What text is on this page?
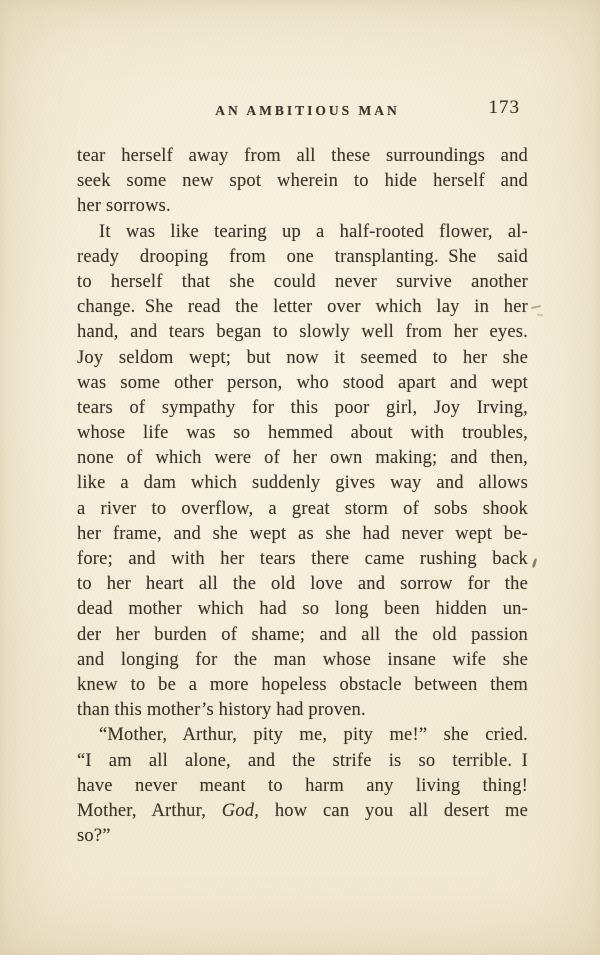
AN AMBITIOUS MAN	173
tear herself away from all these surroundings and
seek some new spot wherein to hide herself and
her sorrows.
It was like tearing up a half-rooted flower, al-
ready drooping from one transplanting. She said
to herself that she could never survive another
change. She read the letter over which lay in her
hand, and tears began to slowly well from her eyes.
Joy seldom wept; but now it seemed to her she
was some other person, who stood apart and wept
tears of sympathy for this poor girl, Joy Irving,
whose life was so hemmed about with troubles,
none of which were of her own making; and then,
like a dam which suddenly gives way and allows
a river to overflow, a great storm of sobs shook
her frame, and she wept as she had never wept be-
fore; and with her tears there came rushing back
to her heart all the old love and sorrow for the
dead mother which had so long been hidden un-
der her burden of shame; and all the old passion
and longing for the man whose insane wife she
knew to be a more hopeless obstacle between them
than this mother’s history had proven.
“Mother, Arthur, pity me, pity me!” she cried.
“I am all alone, and the strife is so terrible. I
have never meant to harm any living thing!
Mother, Arthur, God, how can you all desert me
so?”
